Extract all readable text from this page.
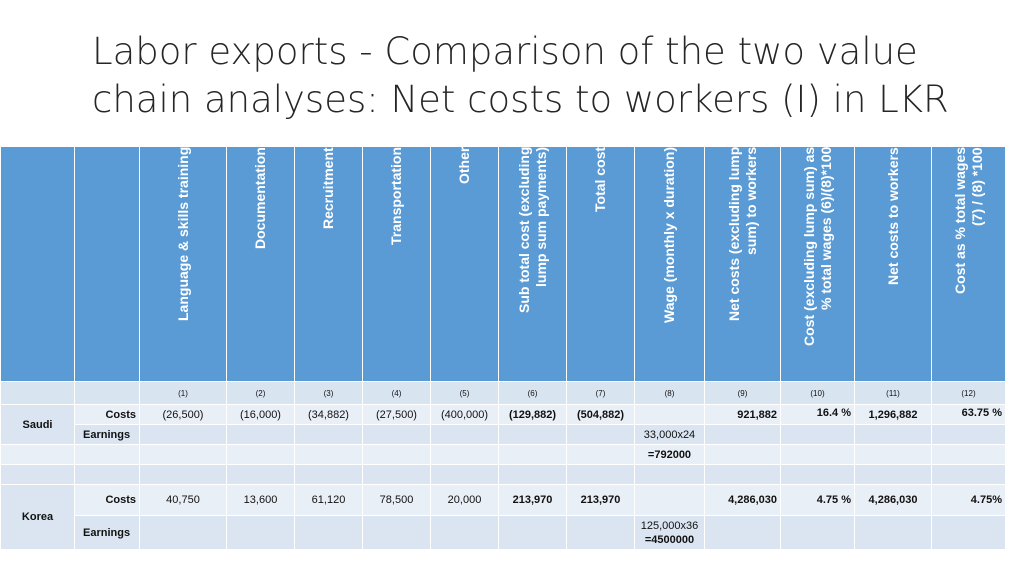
Labor exports - Comparison of the two value
chain analyses: Net costs to workers (I) in LKR

		Language & skills training	Documentation	Recruitment	Transportation	Other	Sub total cost (excluding
lump sum payments)	Total cost	Wage (monthly x duration)	Net costs (excluding lump
sum) to workers	Cost (excluding lump sum) as
% total wages (6)/(8)*100	Net costs to workers	Cost as % total wages
(7) / (8) *100

		(1)	(2)	(3)	(4)	(5)	(6)	(7)	(8)	(9)	(10)	(11)	(12)
Saudi	Costs	(26,500)	(16,000)	(34,882)	(27,500)	(400,000)	(129,882)	(504,882)		921,882	16.4 %	1,296,882	63.75 %
	Earnings								33,000x24				
									=792000				

Korea	Costs	40,750	13,600	61,120	78,500	20,000	213,970	213,970		4,286,030	4.75 %	4,286,030	4.75%
	Earnings								125,000x36
=4500000				
